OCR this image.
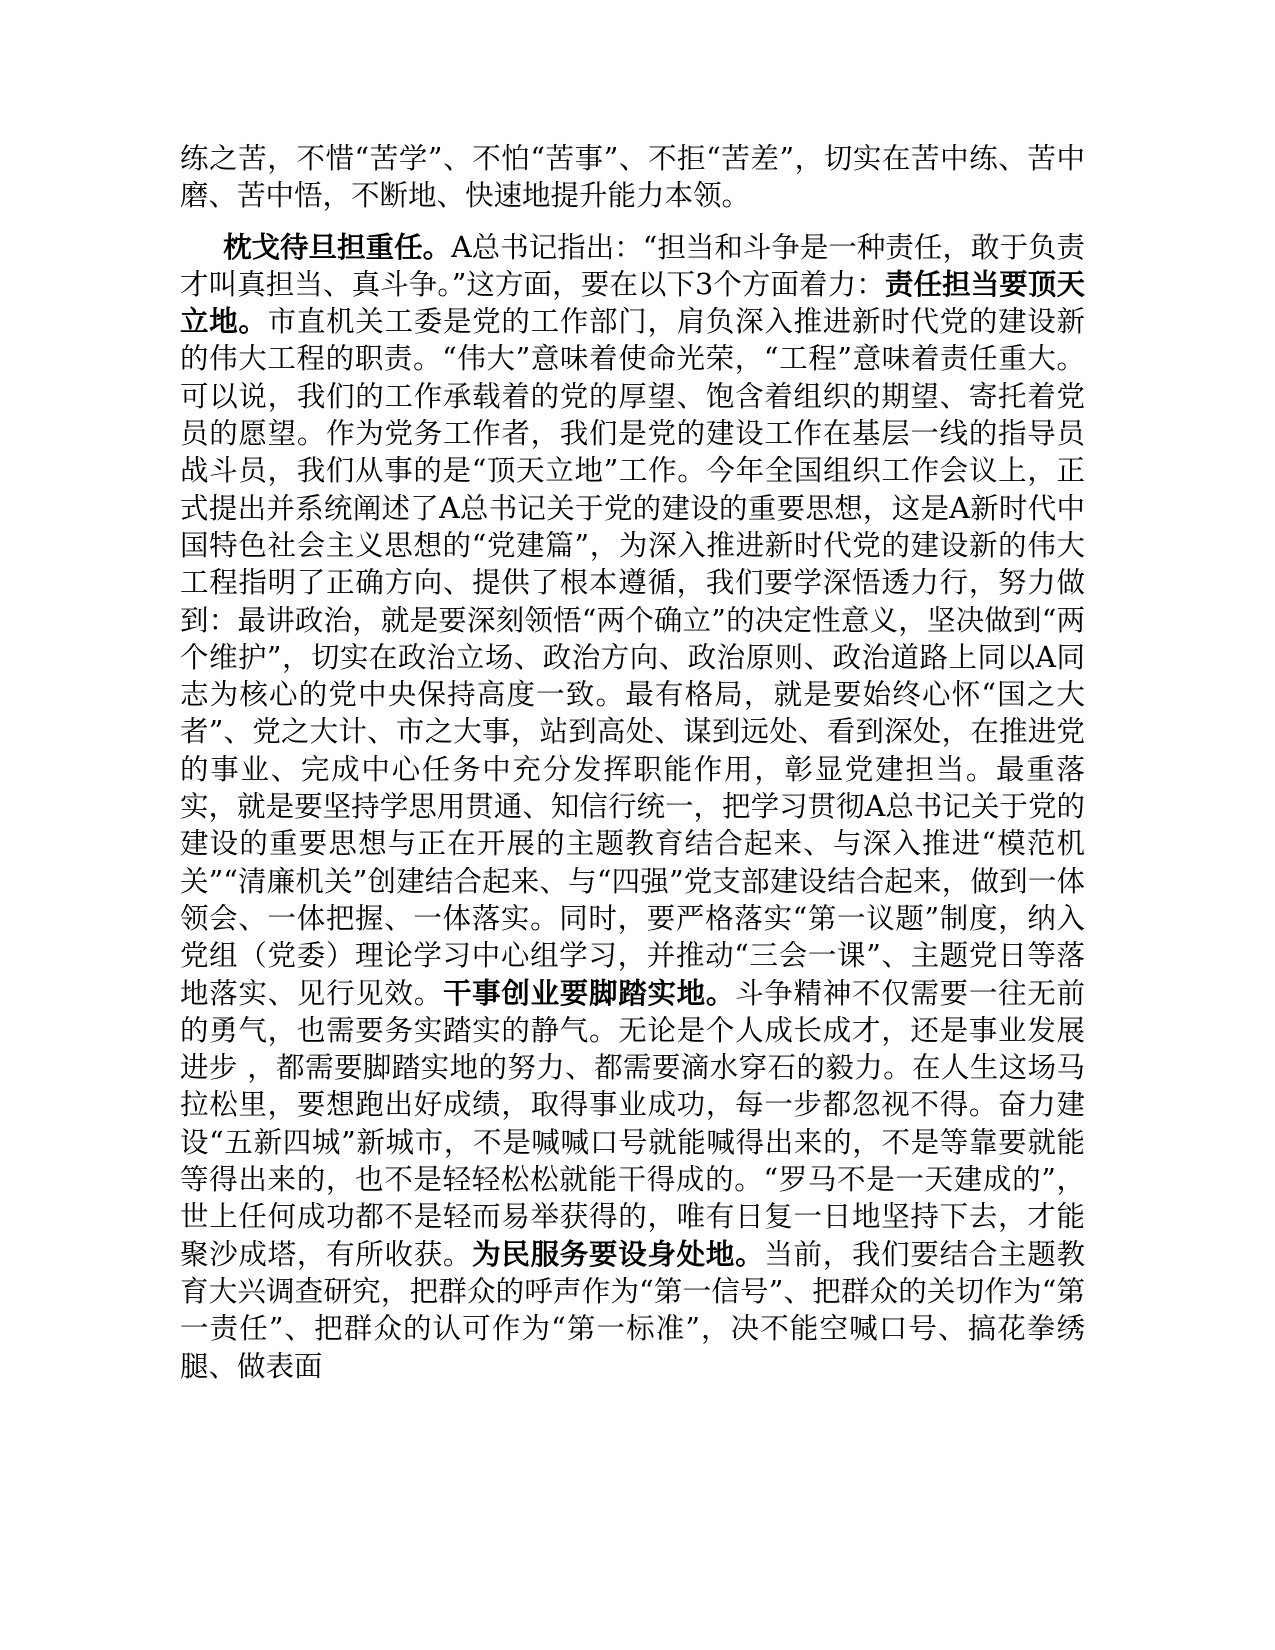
练之苦，不惜“苦学”、不怕“苦事”、不拒“苦差”，切实在苦中练、苦中磨、苦中悟，不断地、快速地提升能力本领。

枕戈待旦担重任。A总书记指出：“担当和斗争是一种责任，敢于负责才叫真担当、真斗争。”这方面，要在以下3个方面着力：责任担当要顶天立地。市直机关工委是党的工作部门，肩负深入推进新时代党的建设新的伟大工程的职责。“伟大”意味着使命光荣，“工程”意味着责任重大。可以说，我们的工作承载着的党的厚望、饱含着组织的期望、寄托着党员的愿望。作为党务工作者，我们是党的建设工作在基层一线的指导员战斗员，我们从事的是“顶天立地”工作。今年全国组织工作会议上，正式提出并系统阐述了A总书记关于党的建设的重要思想，这是A新时代中国特色社会主义思想的“党建篇”，为深入推进新时代党的建设新的伟大工程指明了正确方向、提供了根本遵循，我们要学深悟透力行，努力做到：最讲政治，就是要深刻领悟“两个确立”的决定性意义，坚决做到“两个维护”，切实在政治立场、政治方向、政治原则、政治道路上同以A同志为核心的党中央保持高度一致。最有格局，就是要始终心怀“国之大者”、党之大计、市之大事，站到高处、谋到远处、看到深处，在推进党的事业、完成中心任务中充分发挥职能作用，彰显党建担当。最重落实，就是要坚持学思用贯通、知信行统一，把学习贯彻A总书记关于党的建设的重要思想与正在开展的主题教育结合起来、与深入推进“模范机关”“清廉机关”创建结合起来、与“四强”党支部建设结合起来，做到一体领会、一体把握、一体落实。同时，要严格落实“第一议题”制度，纳入党组（党委）理论学习中心组学习，并推动“三会一课”、主题党日等落地落实、见行见效。干事创业要脚踏实地。斗争精神不仅需要一往无前的勇气，也需要务实踏实的静气。无论是个人成长成才，还是事业发展进步 ，都需要脚踏实地的努力、都需要滴水穿石的毅力。在人生这场马拉松里，要想跑出好成绩，取得事业成功，每一步都忽视不得。奋力建设“五新四城”新城市，不是喊喊口号就能喊得出来的，不是等靠要就能等得出来的，也不是轻轻松松就能干得成的。“罗马不是一天建成的”，世上任何成功都不是轻而易举获得的，唯有日复一日地坚持下去，才能聚沙成塔，有所收获。为民服务要设身处地。当前，我们要结合主题教育大兴调查研究，把群众的呼声作为“第一信号”、把群众的关切作为“第一责任”、把群众的认可作为“第一标准”，决不能空喊口号、搞花拳绣腿、做表面
